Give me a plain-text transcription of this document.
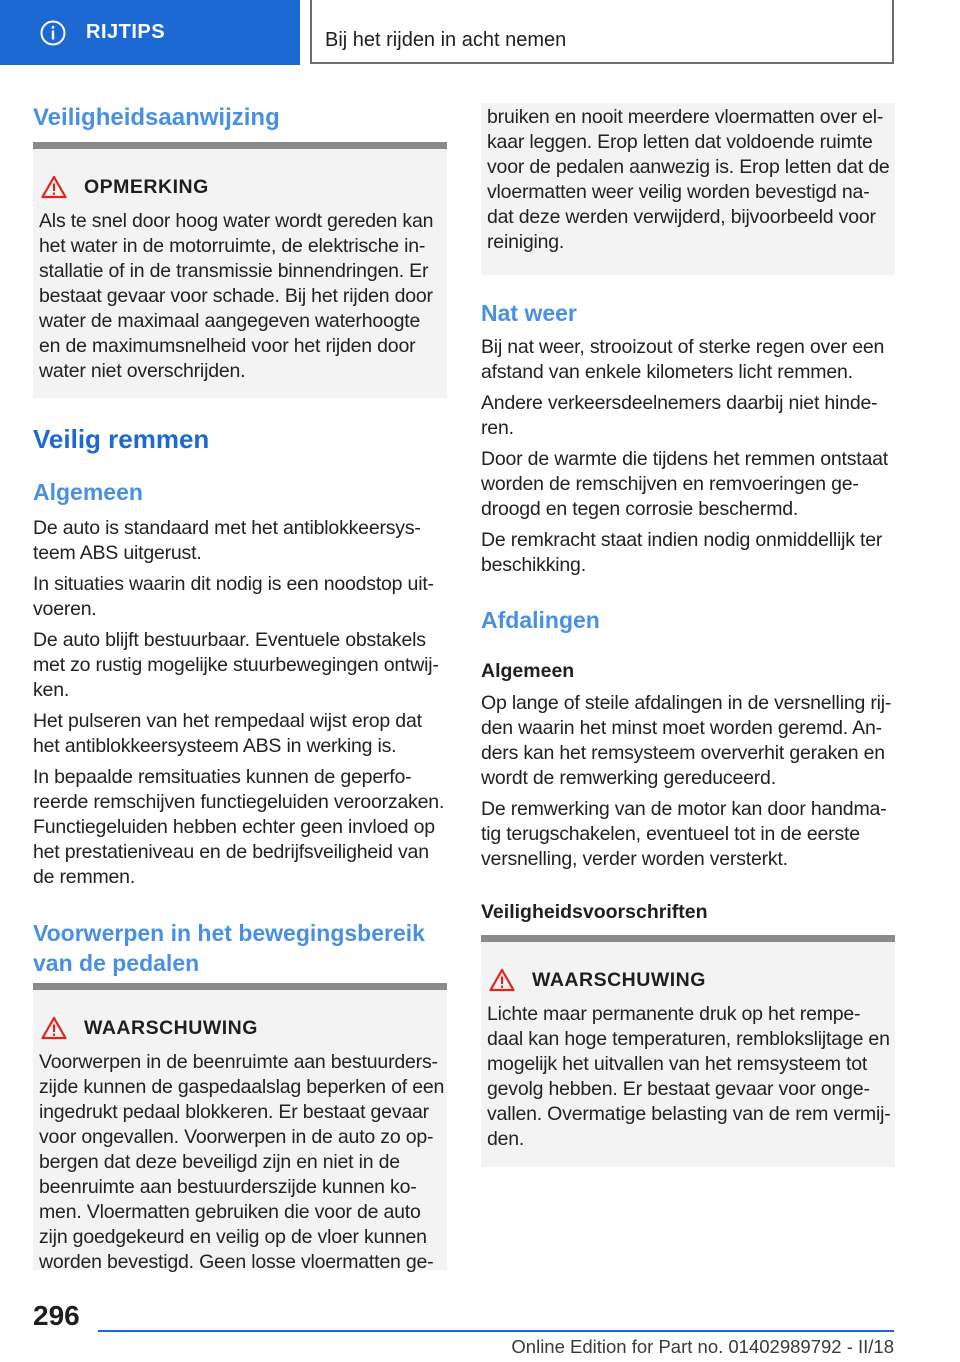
RIJTIPS	Bij het rijden in acht nemen
Veiligheidsaanwijzing
OPMERKING

Als te snel door hoog water wordt gereden kan

het water in de motorruimte, de elektrische in-

stallatie of in de transmissie binnendringen. Er

bestaat gevaar voor schade. Bij het rijden door

water de maximaal aangegeven waterhoogte

en de maximumsnelheid voor het rijden door

water niet overschrijden.

Veilig remmen
Algemeen

De auto is standaard met het antiblokkeersys-

teem ABS uitgerust.

In situaties waarin dit nodig is een noodstop uit-

voeren.

De auto blijft bestuurbaar. Eventuele obstakels

met zo rustig mogelijke stuurbewegingen ontwij-

ken.

Het pulseren van het rempedaal wijst erop dat

het antiblokkeersysteem ABS in werking is.

In bepaalde remsituaties kunnen de geperfo-

reerde remschijven functiegeluiden veroorzaken.

Functiegeluiden hebben echter geen invloed op

het prestatieniveau en de bedrijfsveiligheid van

de remmen.

Voorwerpen in het bewegingsbereik
van de pedalen
WAARSCHUWING

Voorwerpen in de beenruimte aan bestuurders-

zijde kunnen de gaspedaalslag beperken of een

ingedrukt pedaal blokkeren. Er bestaat gevaar

voor ongevallen. Voorwerpen in de auto zo op-

bergen dat deze beveiligd zijn en niet in de

beenruimte aan bestuurderszijde kunnen ko-

men. Vloermatten gebruiken die voor de auto

zijn goedgekeurd en veilig op de vloer kunnen

worden bevestigd. Geen losse vloermatten ge-

bruiken en nooit meerdere vloermatten over el-

kaar leggen. Erop letten dat voldoende ruimte

voor de pedalen aanwezig is. Erop letten dat de

vloermatten weer veilig worden bevestigd na-

dat deze werden verwijderd, bijvoorbeeld voor

reiniging.

Nat weer

Bij nat weer, strooizout of sterke regen over een

afstand van enkele kilometers licht remmen.

Andere verkeersdeelnemers daarbij niet hinde-

ren.

Door de warmte die tijdens het remmen ontstaat

worden de remschijven en remvoeringen ge-

droogd en tegen corrosie beschermd.

De remkracht staat indien nodig onmiddellijk ter

beschikking.

Afdalingen
Algemeen

Op lange of steile afdalingen in de versnelling rij-

den waarin het minst moet worden geremd. An-

ders kan het remsysteem oververhit geraken en

wordt de remwerking gereduceerd.

De remwerking van de motor kan door handma-

tig terugschakelen, eventueel tot in de eerste

versnelling, verder worden versterkt.

Veiligheidsvoorschriften
WAARSCHUWING

Lichte maar permanente druk op het rempe-

daal kan hoge temperaturen, remblokslijtage en

mogelijk het uitvallen van het remsysteem tot

gevolg hebben. Er bestaat gevaar voor onge-

vallen. Overmatige belasting van de rem vermij-

den.

296
Online Edition for Part no. 01402989792 - II/18
